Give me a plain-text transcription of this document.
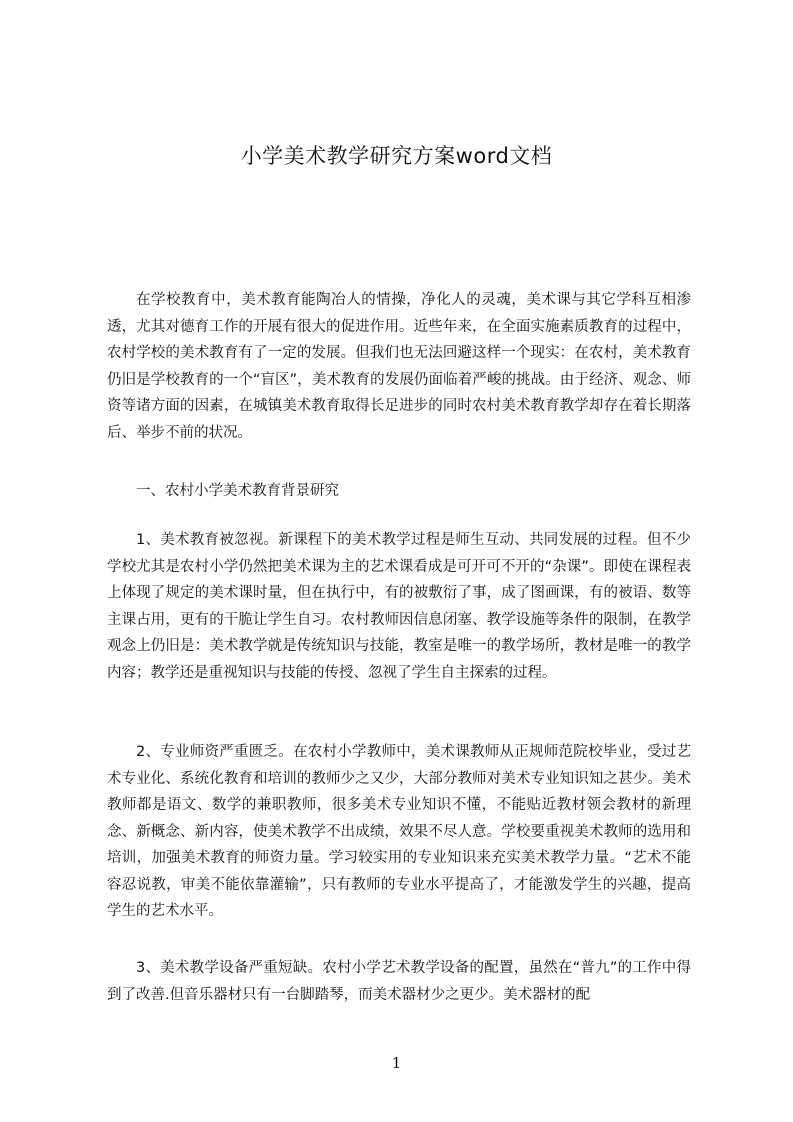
小学美术教学研究方案word文档

在学校教育中，美术教育能陶冶人的情操，净化人的灵魂，美术课与其它学科互相渗透，尤其对德育工作的开展有很大的促进作用。近些年来，在全面实施素质教育的过程中，农村学校的美术教育有了一定的发展。但我们也无法回避这样一个现实：在农村，美术教育仍旧是学校教育的一个“盲区”，美术教育的发展仍面临着严峻的挑战。由于经济、观念、师资等诸方面的因素，在城镇美术教育取得长足进步的同时农村美术教育教学却存在着长期落后、举步不前的状况。

一、农村小学美术教育背景研究

1、美术教育被忽视。新课程下的美术教学过程是师生互动、共同发展的过程。但不少学校尤其是农村小学仍然把美术课为主的艺术课看成是可开可不开的“杂课”。即使在课程表上体现了规定的美术课时量，但在执行中，有的被敷衍了事，成了图画课，有的被语、数等主课占用，更有的干脆让学生自习。农村教师因信息闭塞、教学设施等条件的限制，在教学观念上仍旧是：美术教学就是传统知识与技能，教室是唯一的教学场所，教材是唯一的教学内容；教学还是重视知识与技能的传授、忽视了学生自主探索的过程。

2、专业师资严重匮乏。在农村小学教师中，美术课教师从正规师范院校毕业，受过艺术专业化、系统化教育和培训的教师少之又少，大部分教师对美术专业知识知之甚少。美术教师都是语文、数学的兼职教师，很多美术专业知识不懂，不能贴近教材领会教材的新理念、新概念、新内容，使美术教学不出成绩，效果不尽人意。学校要重视美术教师的选用和培训，加强美术教育的师资力量。学习较实用的专业知识来充实美术教学力量。“艺术不能容忍说教，审美不能依靠灌输”，只有教师的专业水平提高了，才能激发学生的兴趣，提高学生的艺术水平。

3、美术教学设备严重短缺。农村小学艺术教学设备的配置，虽然在“普九”的工作中得到了改善.但音乐器材只有一台脚踏琴，而美术器材少之更少。美术器材的配

1
